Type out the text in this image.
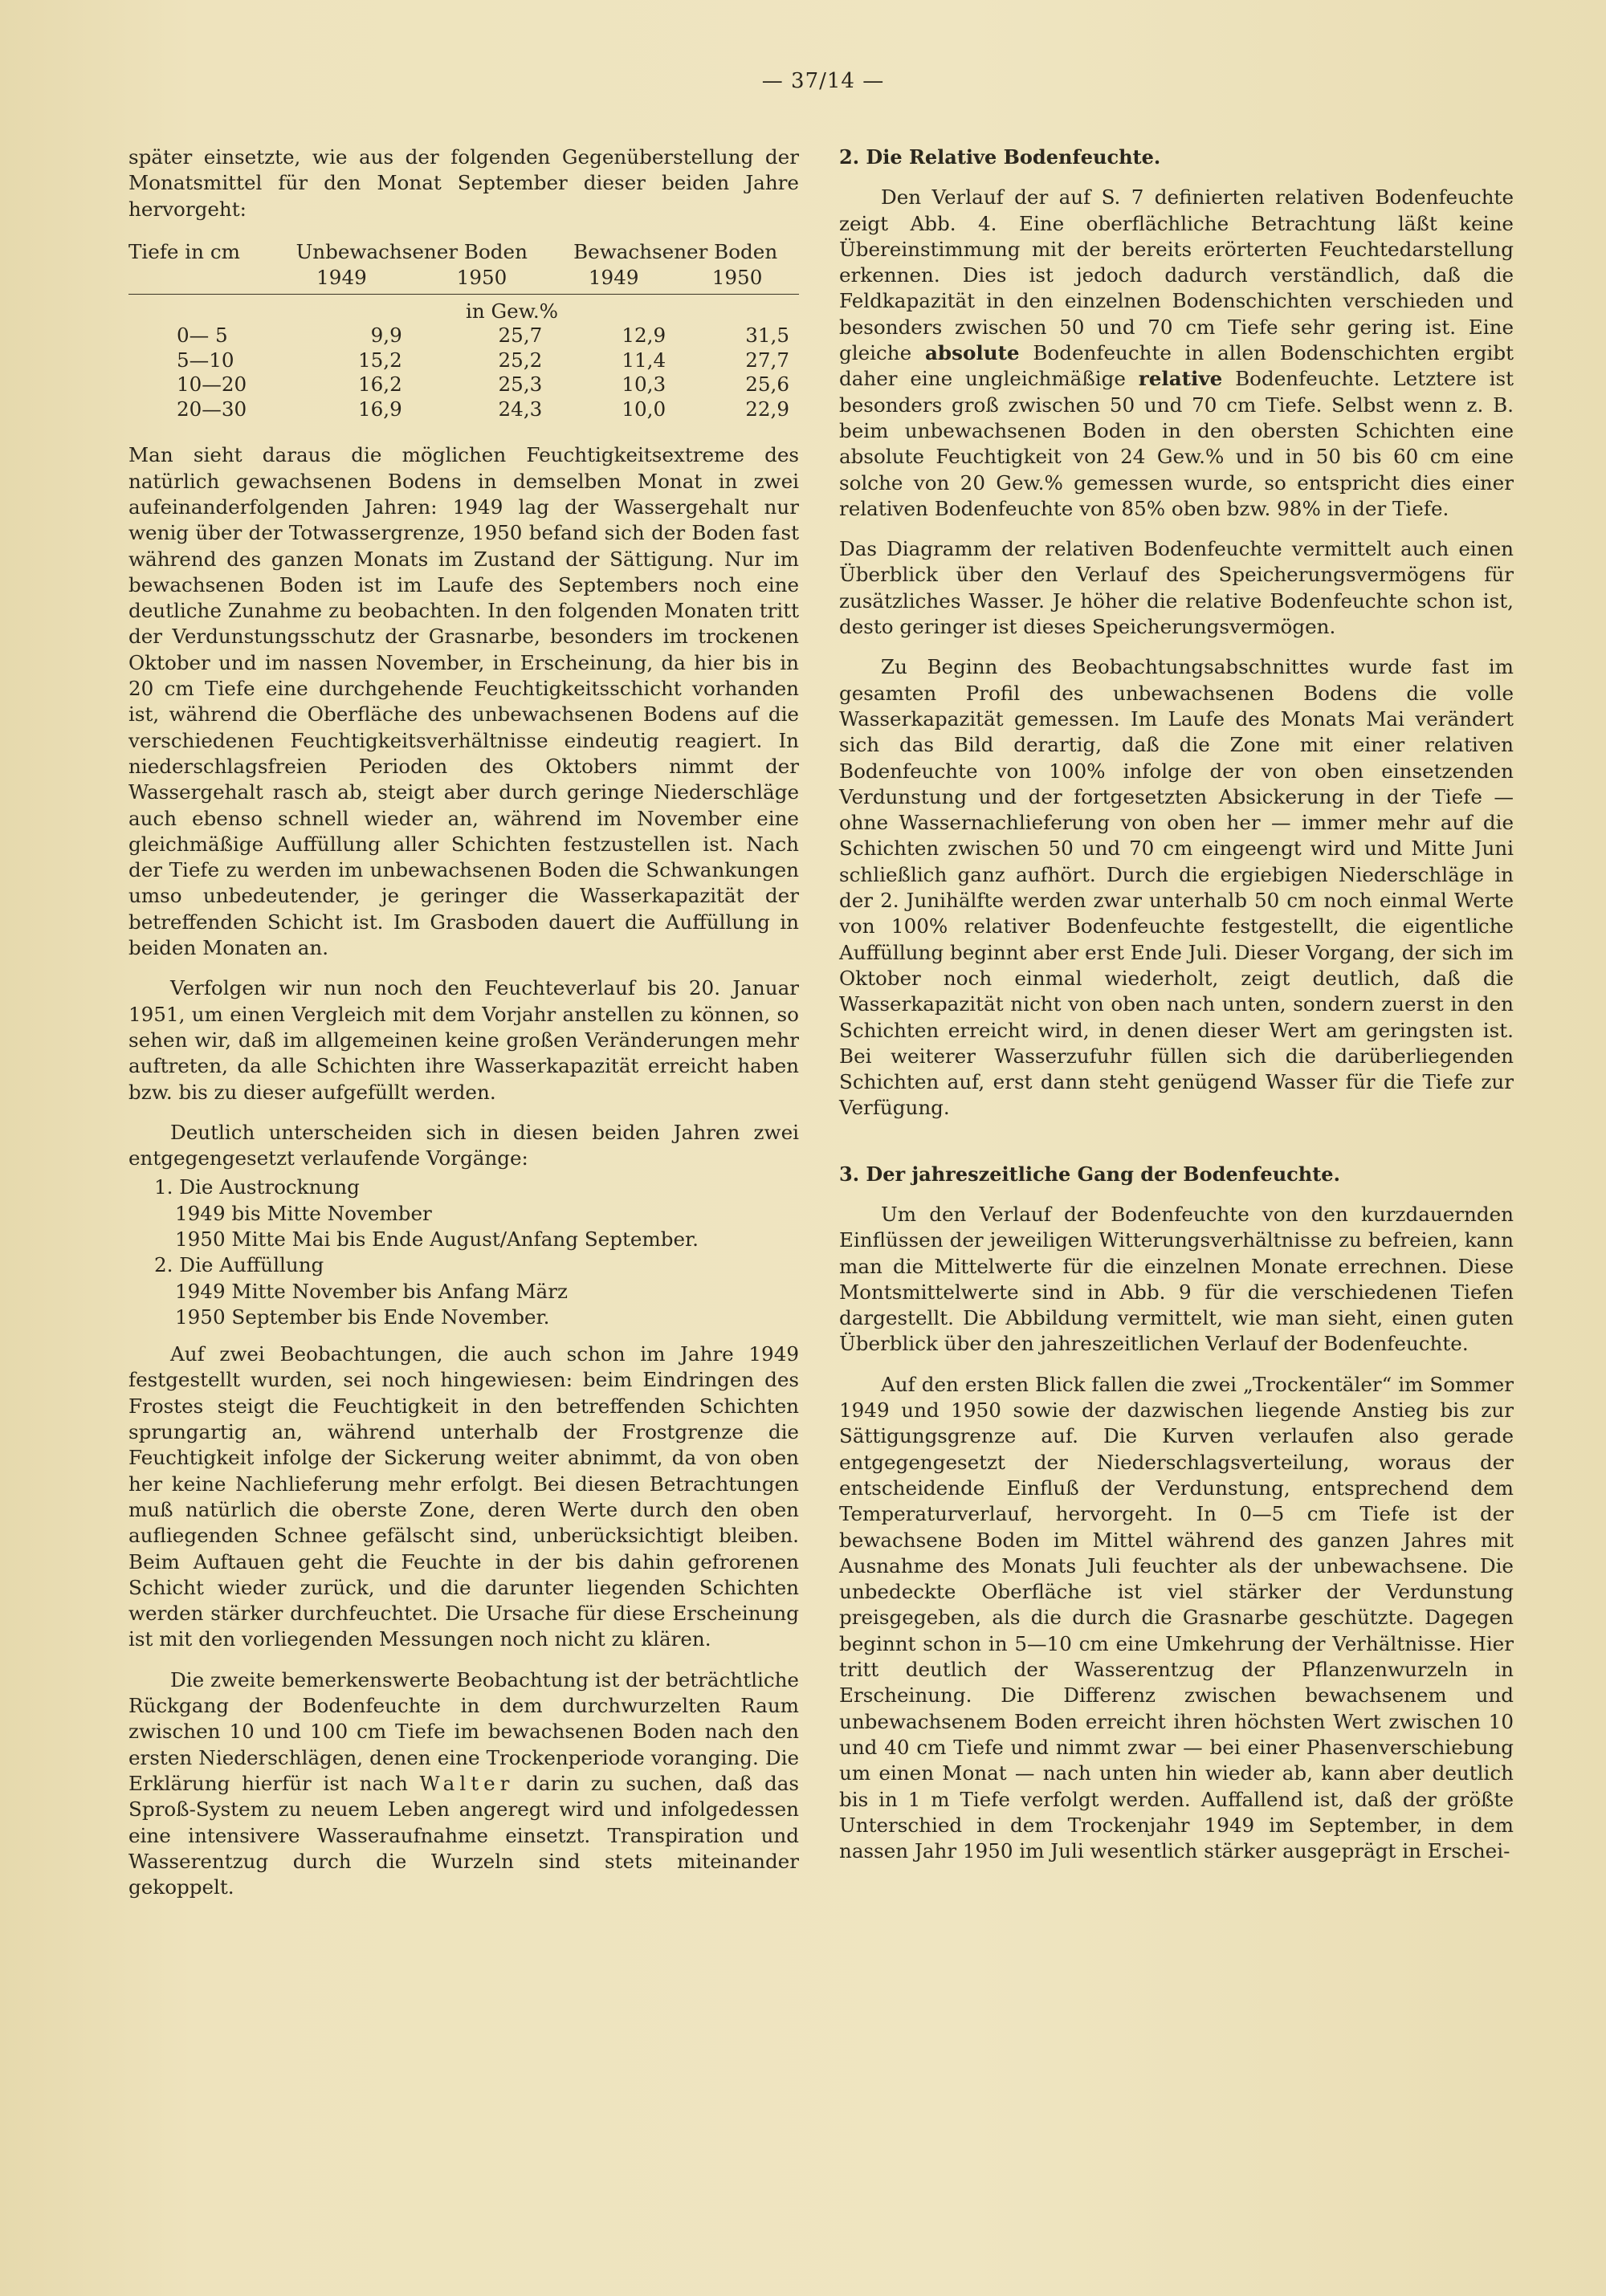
— 37/14 —

später einsetzte, wie aus der folgenden Gegenüberstellung der Monatsmittel für den Monat September dieser beiden Jahre hervorgeht:

Tiefe in cm	Unbewachsener Boden		Bewachsener Boden	
	1949	1950	1949	1950
in Gew.%				
0— 5	9,9	25,7	12,9	31,5
5—10	15,2	25,2	11,4	27,7
10—20	16,2	25,3	10,3	25,6
20—30	16,9	24,3	10,0	22,9

Man sieht daraus die möglichen Feuchtigkeitsextreme des natürlich gewachsenen Bodens in demselben Monat in zwei aufeinanderfolgenden Jahren: 1949 lag der Wassergehalt nur wenig über der Totwassergrenze, 1950 befand sich der Boden fast während des ganzen Monats im Zustand der Sättigung. Nur im bewachsenen Boden ist im Laufe des Septembers noch eine deutliche Zunahme zu beobachten. In den folgenden Monaten tritt der Verdunstungsschutz der Grasnarbe, besonders im trockenen Oktober und im nassen November, in Erscheinung, da hier bis in 20 cm Tiefe eine durchgehende Feuchtigkeitsschicht vorhanden ist, während die Oberfläche des unbewachsenen Bodens auf die verschiedenen Feuchtigkeitsverhältnisse eindeutig reagiert. In niederschlagsfreien Perioden des Oktobers nimmt der Wassergehalt rasch ab, steigt aber durch geringe Niederschläge auch ebenso schnell wieder an, während im November eine gleichmäßige Auffüllung aller Schichten festzustellen ist. Nach der Tiefe zu werden im unbewachsenen Boden die Schwankungen umso unbedeutender, je geringer die Wasserkapazität der betreffenden Schicht ist. Im Grasboden dauert die Auffüllung in beiden Monaten an.

Verfolgen wir nun noch den Feuchteverlauf bis 20. Januar 1951, um einen Vergleich mit dem Vorjahr anstellen zu können, so sehen wir, daß im allgemeinen keine großen Veränderungen mehr auftreten, da alle Schichten ihre Wasserkapazität erreicht haben bzw. bis zu dieser aufgefüllt werden.

Deutlich unterscheiden sich in diesen beiden Jahren zwei entgegengesetzt verlaufende Vorgänge:

1. Die Austrocknung

1949 bis Mitte November

1950 Mitte Mai bis Ende August/Anfang September.

2. Die Auffüllung

1949 Mitte November bis Anfang März

1950 September bis Ende November.

Auf zwei Beobachtungen, die auch schon im Jahre 1949 festgestellt wurden, sei noch hingewiesen: beim Eindringen des Frostes steigt die Feuchtigkeit in den betreffenden Schichten sprungartig an, während unterhalb der Frostgrenze die Feuchtigkeit infolge der Sickerung weiter abnimmt, da von oben her keine Nachlieferung mehr erfolgt. Bei diesen Betrachtungen muß natürlich die oberste Zone, deren Werte durch den oben aufliegenden Schnee gefälscht sind, unberücksichtigt bleiben. Beim Auftauen geht die Feuchte in der bis dahin gefrorenen Schicht wieder zurück, und die darunter liegenden Schichten werden stärker durchfeuchtet. Die Ursache für diese Erscheinung ist mit den vorliegenden Messungen noch nicht zu klären.

Die zweite bemerkenswerte Beobachtung ist der beträchtliche Rückgang der Bodenfeuchte in dem durchwurzelten Raum zwischen 10 und 100 cm Tiefe im bewachsenen Boden nach den ersten Niederschlägen, denen eine Trockenperiode voranging. Die Erklärung hierfür ist nach Walter darin zu suchen, daß das Sproß-System zu neuem Leben angeregt wird und infolgedessen eine intensivere Wasseraufnahme einsetzt. Transpiration und Wasserentzug durch die Wurzeln sind stets miteinander gekoppelt.

2. Die Relative Bodenfeuchte.

Den Verlauf der auf S. 7 definierten relativen Bodenfeuchte zeigt Abb. 4. Eine oberflächliche Betrachtung läßt keine Übereinstimmung mit der bereits erörterten Feuchtedarstellung erkennen. Dies ist jedoch dadurch verständlich, daß die Feldkapazität in den einzelnen Bodenschichten verschieden und besonders zwischen 50 und 70 cm Tiefe sehr gering ist. Eine gleiche absolute Bodenfeuchte in allen Bodenschichten ergibt daher eine ungleichmäßige relative Bodenfeuchte. Letztere ist besonders groß zwischen 50 und 70 cm Tiefe. Selbst wenn z. B. beim unbewachsenen Boden in den obersten Schichten eine absolute Feuchtigkeit von 24 Gew.% und in 50 bis 60 cm eine solche von 20 Gew.% gemessen wurde, so entspricht dies einer relativen Bodenfeuchte von 85% oben bzw. 98% in der Tiefe.

Das Diagramm der relativen Bodenfeuchte vermittelt auch einen Überblick über den Verlauf des Speicherungsvermögens für zusätzliches Wasser. Je höher die relative Bodenfeuchte schon ist, desto geringer ist dieses Speicherungsvermögen.

Zu Beginn des Beobachtungsabschnittes wurde fast im gesamten Profil des unbewachsenen Bodens die volle Wasserkapazität gemessen. Im Laufe des Monats Mai verändert sich das Bild derartig, daß die Zone mit einer relativen Bodenfeuchte von 100% infolge der von oben einsetzenden Verdunstung und der fortgesetzten Absickerung in der Tiefe — ohne Wassernachlieferung von oben her — immer mehr auf die Schichten zwischen 50 und 70 cm eingeengt wird und Mitte Juni schließlich ganz aufhört. Durch die ergiebigen Niederschläge in der 2. Junihälfte werden zwar unterhalb 50 cm noch einmal Werte von 100% relativer Bodenfeuchte festgestellt, die eigentliche Auffüllung beginnt aber erst Ende Juli. Dieser Vorgang, der sich im Oktober noch einmal wiederholt, zeigt deutlich, daß die Wasserkapazität nicht von oben nach unten, sondern zuerst in den Schichten erreicht wird, in denen dieser Wert am geringsten ist. Bei weiterer Wasserzufuhr füllen sich die darüberliegenden Schichten auf, erst dann steht genügend Wasser für die Tiefe zur Verfügung.

3. Der jahreszeitliche Gang der Bodenfeuchte.

Um den Verlauf der Bodenfeuchte von den kurzdauernden Einflüssen der jeweiligen Witterungsverhältnisse zu befreien, kann man die Mittelwerte für die einzelnen Monate errechnen. Diese Montsmittelwerte sind in Abb. 9 für die verschiedenen Tiefen dargestellt. Die Abbildung vermittelt, wie man sieht, einen guten Überblick über den jahreszeitlichen Verlauf der Bodenfeuchte.

Auf den ersten Blick fallen die zwei „Trockentäler“ im Sommer 1949 und 1950 sowie der dazwischen liegende Anstieg bis zur Sättigungsgrenze auf. Die Kurven verlaufen also gerade entgegengesetzt der Niederschlagsverteilung, woraus der entscheidende Einfluß der Verdunstung, entsprechend dem Temperaturverlauf, hervorgeht. In 0—5 cm Tiefe ist der bewachsene Boden im Mittel während des ganzen Jahres mit Ausnahme des Monats Juli feuchter als der unbewachsene. Die unbedeckte Oberfläche ist viel stärker der Verdunstung preisgegeben, als die durch die Grasnarbe geschützte. Dagegen beginnt schon in 5—10 cm eine Umkehrung der Verhältnisse. Hier tritt deutlich der Wasserentzug der Pflanzenwurzeln in Erscheinung. Die Differenz zwischen bewachsenem und unbewachsenem Boden erreicht ihren höchsten Wert zwischen 10 und 40 cm Tiefe und nimmt zwar — bei einer Phasenverschiebung um einen Monat — nach unten hin wieder ab, kann aber deutlich bis in 1 m Tiefe verfolgt werden. Auffallend ist, daß der größte Unterschied in dem Trockenjahr 1949 im September, in dem nassen Jahr 1950 im Juli wesentlich stärker ausgeprägt in Erschei-
